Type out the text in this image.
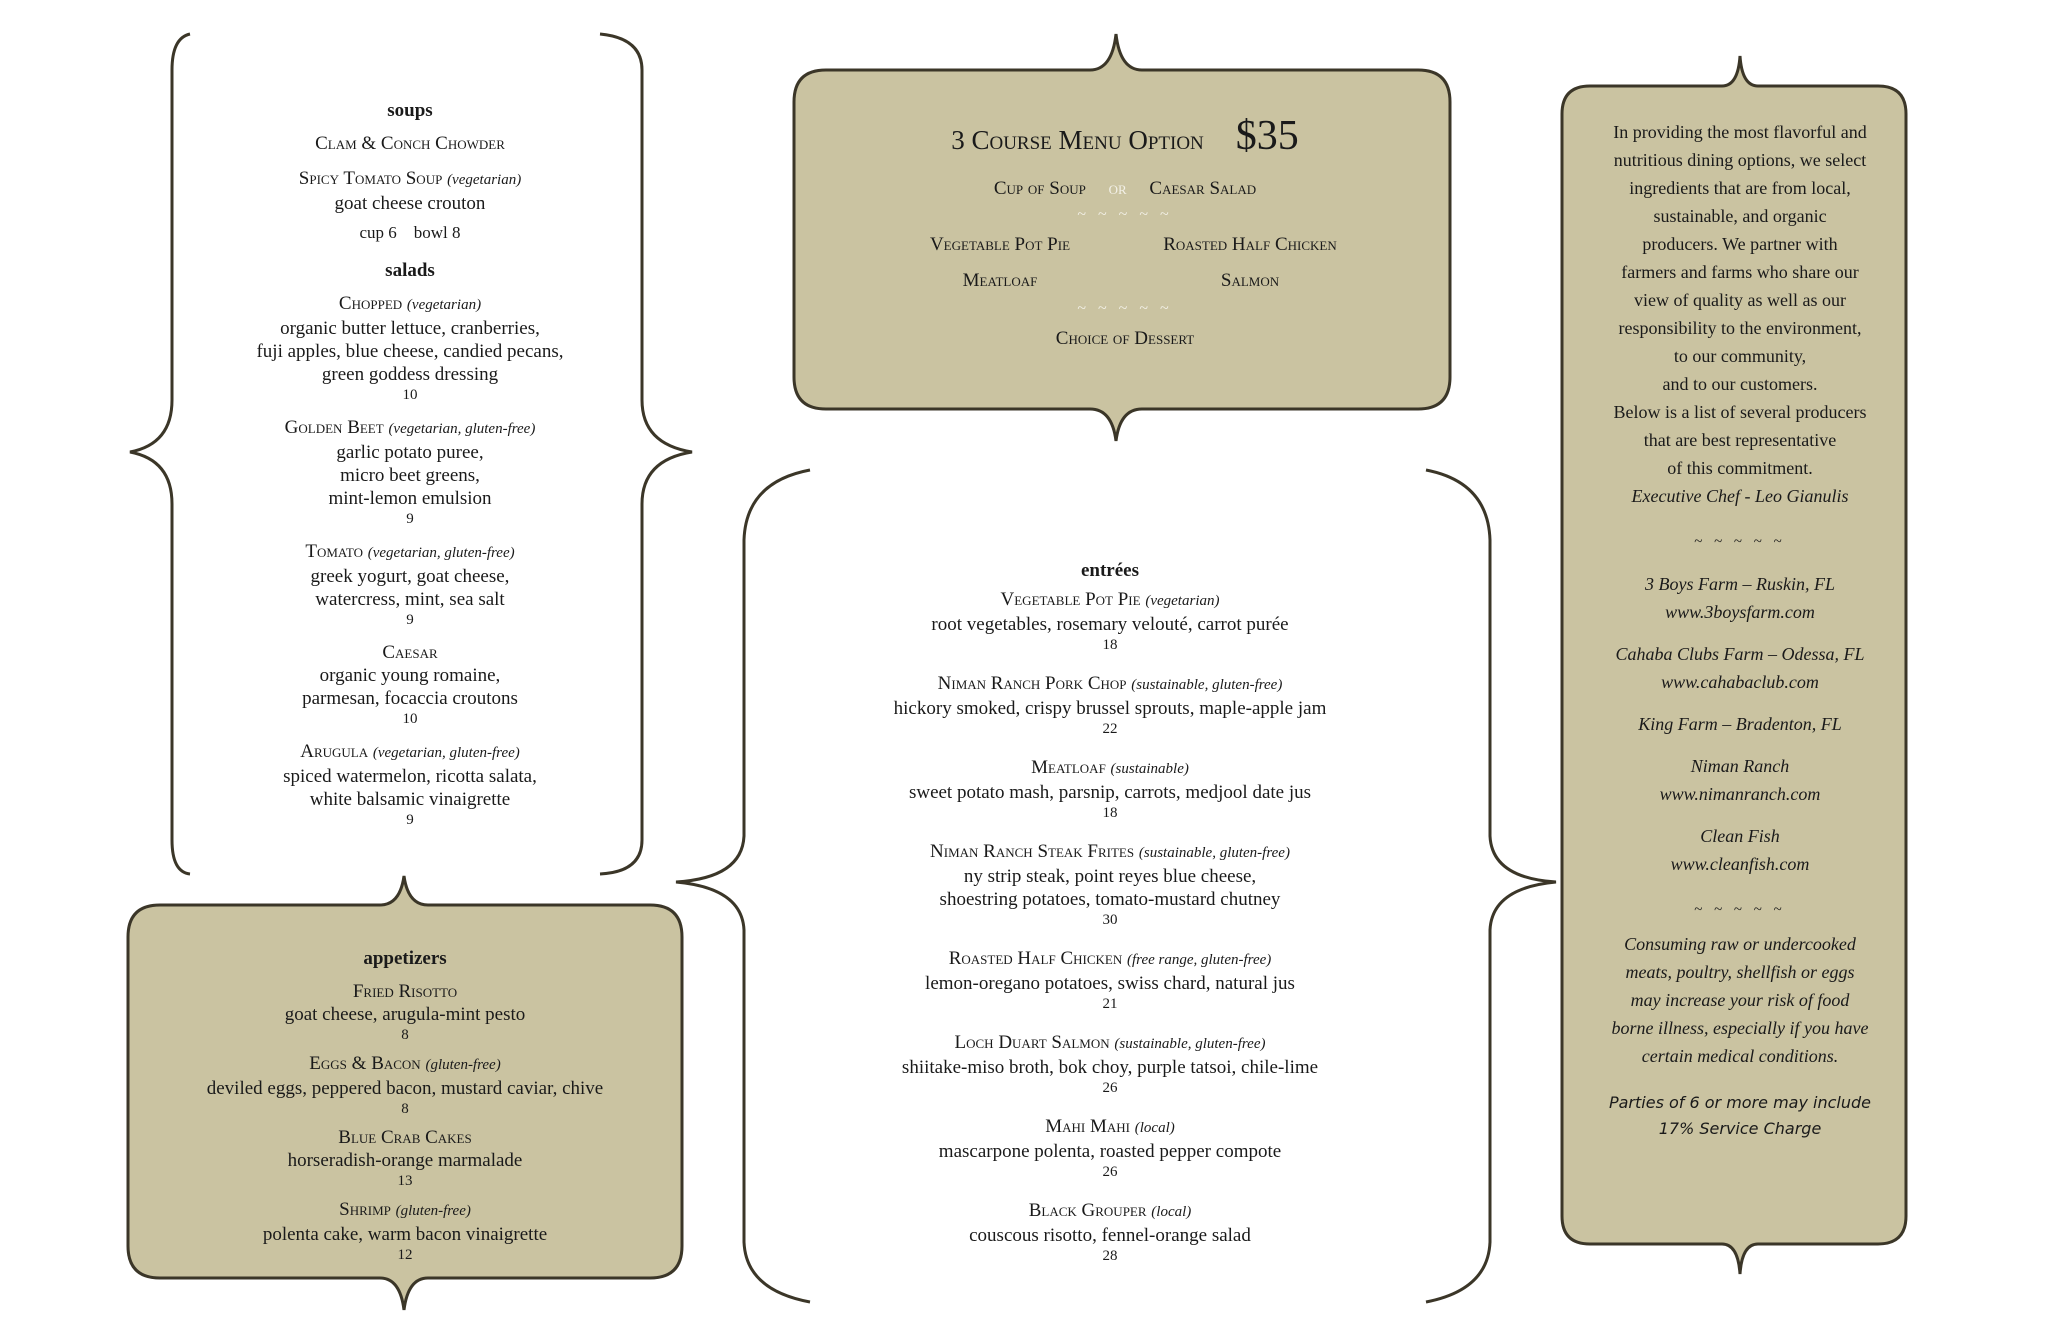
soups
Clam & Conch Chowder
Spicy Tomato Soup (vegetarian)
goat cheese crouton
cup 6    bowl 8
salads
Chopped (vegetarian)
organic butter lettuce, cranberries,
fuji apples, blue cheese, candied pecans,
green goddess dressing
10
Golden Beet (vegetarian, gluten-free)
garlic potato puree,
micro beet greens,
mint-lemon emulsion
9
Tomato (vegetarian, gluten-free)
greek yogurt, goat cheese,
watercress, mint, sea salt
9
Caesar
organic young romaine,
parmesan, focaccia croutons
10
Arugula (vegetarian, gluten-free)
spiced watermelon, ricotta salata,
white balsamic vinaigrette
9
appetizers
Fried Risotto
goat cheese, arugula-mint pesto
8
Eggs & Bacon (gluten-free)
deviled eggs, peppered bacon, mustard caviar, chive
8
Blue Crab Cakes
horseradish-orange marmalade
13
Shrimp (gluten-free)
polenta cake, warm bacon vinaigrette
12
3 Course Menu Option $35
Cup of Soup or Caesar Salad
~ ~ ~ ~ ~
Vegetable Pot Pie	Roasted Half Chicken
Meatloaf	Salmon
~ ~ ~ ~ ~
Choice of Dessert
entrées
Vegetable Pot Pie (vegetarian)
root vegetables, rosemary velouté, carrot purée
18
Niman Ranch Pork Chop (sustainable, gluten-free)
hickory smoked, crispy brussel sprouts, maple-apple jam
22
Meatloaf (sustainable)
sweet potato mash, parsnip, carrots, medjool date jus
18
Niman Ranch Steak Frites (sustainable, gluten-free)
ny strip steak, point reyes blue cheese,
shoestring potatoes, tomato-mustard chutney
30
Roasted Half Chicken (free range, gluten-free)
lemon-oregano potatoes, swiss chard, natural jus
21
Loch Duart Salmon (sustainable, gluten-free)
shiitake-miso broth, bok choy, purple tatsoi, chile-lime
26
Mahi Mahi (local)
mascarpone polenta, roasted pepper compote
26
Black Grouper (local)
couscous risotto, fennel-orange salad
28
In providing the most flavorful and
nutritious dining options, we select
ingredients that are from local,
sustainable, and organic
producers. We partner with
farmers and farms who share our
view of quality as well as our
responsibility to the environment,
to our community,
and to our customers.
Below is a list of several producers
that are best representative
of this commitment.
Executive Chef - Leo Gianulis
~ ~ ~ ~ ~
3 Boys Farm – Ruskin, FL
www.3boysfarm.com
Cahaba Clubs Farm – Odessa, FL
www.cahabaclub.com
King Farm – Bradenton, FL
Niman Ranch
www.nimanranch.com
Clean Fish
www.cleanfish.com
~ ~ ~ ~ ~
Consuming raw or undercooked
meats, poultry, shellfish or eggs
may increase your risk of food
borne illness, especially if you have
certain medical conditions.
Parties of 6 or more may include
17% Service Charge
